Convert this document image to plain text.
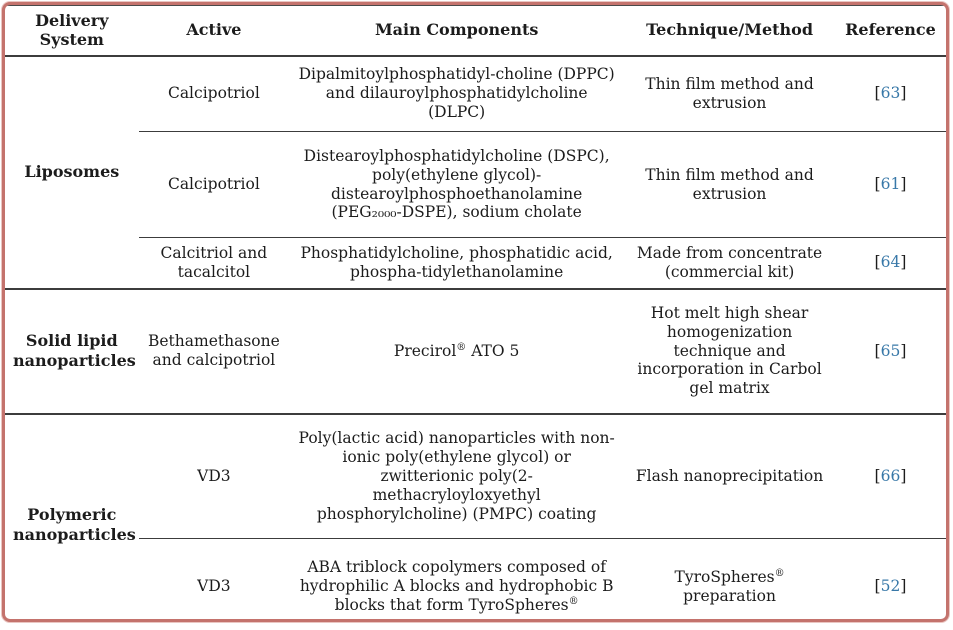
Delivery System	Active	Main Components	Technique/Method	Reference
Liposomes	Calcipotriol	Dipalmitoylphosphatidyl-choline (DPPC) and dilauroylphosphatidylcholine (DLPC)	Thin film method and extrusion	[63]
	Calcipotriol	Distearoylphosphatidylcholine (DSPC), poly(ethylene glycol)-distearoylphosphoethanolamine (PEG₂₀₀₀-DSPE), sodium cholate	Thin film method and extrusion	[61]
	Calcitriol and tacalcitol	Phosphatidylcholine, phosphatidic acid, phospha-tidylethanolamine	Made from concentrate (commercial kit)	[64]
Solid lipid nanoparticles	Bethamethasone and calcipotriol	Precirol® ATO 5	Hot melt high shear homogenization technique and incorporation in Carbol gel matrix	[65]
Polymeric nanoparticles	VD3	Poly(lactic acid) nanoparticles with non-ionic poly(ethylene glycol) or zwitterionic poly(2-methacryloyloxyethyl phosphorylcholine) (PMPC) coating	Flash nanoprecipitation	[66]
	VD3	ABA triblock copolymers composed of hydrophilic A blocks and hydrophobic B blocks that form TyroSpheres®	TyroSpheres® preparation	[52]
